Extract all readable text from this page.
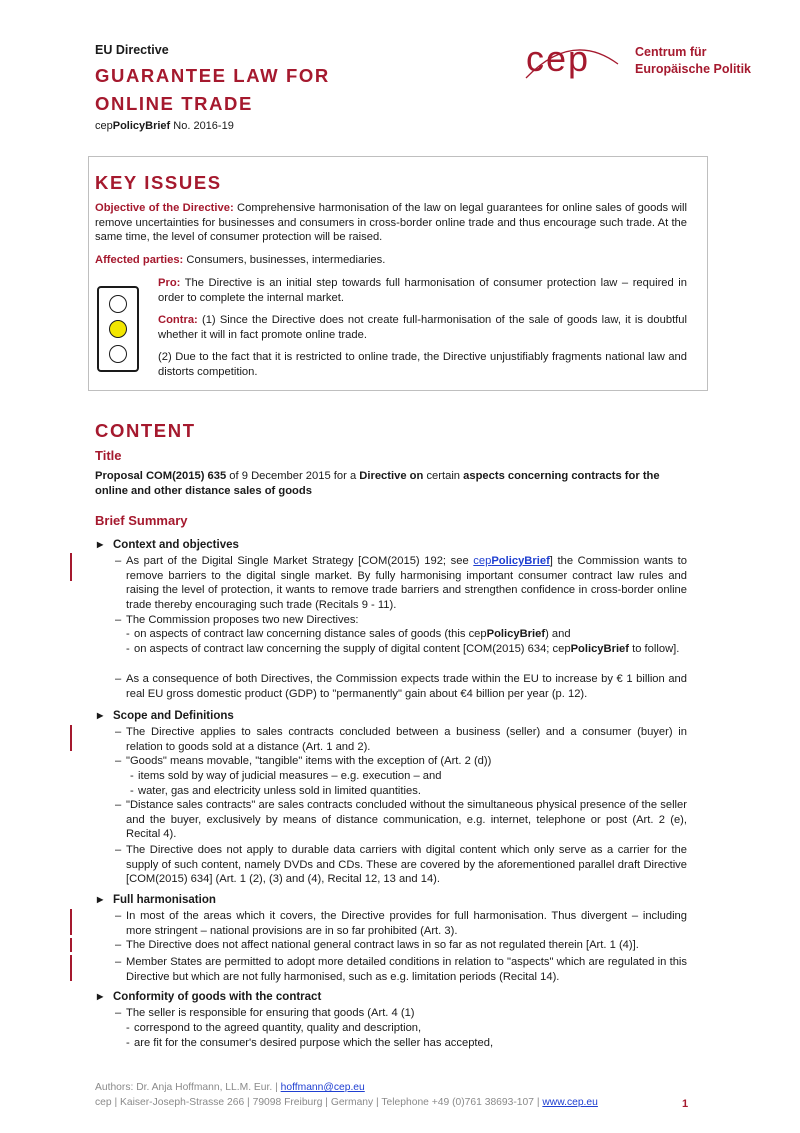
EU Directive
GUARANTEE LAW FOR
ONLINE TRADE
cepPolicyBrief No. 2016-19
cep	Centrum für
Europäische Politik
KEY ISSUES
Objective of the Directive: Comprehensive harmonisation of the law on legal guarantees for online sales of goods will remove uncertainties for businesses and consumers in cross-border online trade and thus encourage such trade. At the same time, the level of consumer protection will be raised.
Affected parties: Consumers, businesses, intermediaries.
Pro: The Directive is an initial step towards full harmonisation of consumer protection law – required in order to complete the internal market.
Contra: (1) Since the Directive does not create full-harmonisation of the sale of goods law, it is doubtful whether it will in fact promote online trade.
(2) Due to the fact that it is restricted to online trade, the Directive unjustifiably fragments national law and distorts competition.
CONTENT
Title
Proposal COM(2015) 635 of 9 December 2015 for a Directive on certain aspects concerning contracts for the online and other distance sales of goods
Brief Summary
▶ Context and objectives
– As part of the Digital Single Market Strategy [COM(2015) 192; see cepPolicyBrief] the Commission wants to remove barriers to the digital single market. By fully harmonising important consumer contract law rules and raising the level of protection, it wants to remove trade barriers and strengthen confidence in cross-border online trade thereby encouraging such trade (Recitals 9 - 11).
– The Commission proposes two new Directives:
- on aspects of contract law concerning distance sales of goods (this cepPolicyBrief) and
- on aspects of contract law concerning the supply of digital content [COM(2015) 634; cepPolicyBrief to follow].
– As a consequence of both Directives, the Commission expects trade within the EU to increase by € 1 billion and real EU gross domestic product (GDP) to "permanently" gain about €4 billion per year (p. 12).
▶ Scope and Definitions
– The Directive applies to sales contracts concluded between a business (seller) and a consumer (buyer) in relation to goods sold at a distance (Art. 1 and 2).
– "Goods" means movable, "tangible" items with the exception of (Art. 2 (d))
- items sold by way of judicial measures – e.g. execution – and
- water, gas and electricity unless sold in limited quantities.
– "Distance sales contracts" are sales contracts concluded without the simultaneous physical presence of the seller and the buyer, exclusively by means of distance communication, e.g. internet, telephone or post (Art. 2 (e), Recital 4).
– The Directive does not apply to durable data carriers with digital content which only serve as a carrier for the supply of such content, namely DVDs and CDs. These are covered by the aforementioned parallel draft Directive [COM(2015) 634] (Art. 1 (2), (3) and (4), Recital 12, 13 and 14).
▶ Full harmonisation
– In most of the areas which it covers, the Directive provides for full harmonisation. Thus divergent – including more stringent – national provisions are in so far prohibited (Art. 3).
– The Directive does not affect national general contract laws in so far as not regulated therein [Art. 1 (4)].
– Member States are permitted to adopt more detailed conditions in relation to "aspects" which are regulated in this Directive but which are not fully harmonised, such as e.g. limitation periods (Recital 14).
▶ Conformity of goods with the contract
– The seller is responsible for ensuring that goods (Art. 4 (1)
- correspond to the agreed quantity, quality and description,
- are fit for the consumer's desired purpose which the seller has accepted,
Authors: Dr. Anja Hoffmann, LL.M. Eur. | hoffmann@cep.eu
cep | Kaiser-Joseph-Strasse 266 | 79098 Freiburg | Germany | Telephone +49 (0)761 38693-107 | www.cep.eu	1
